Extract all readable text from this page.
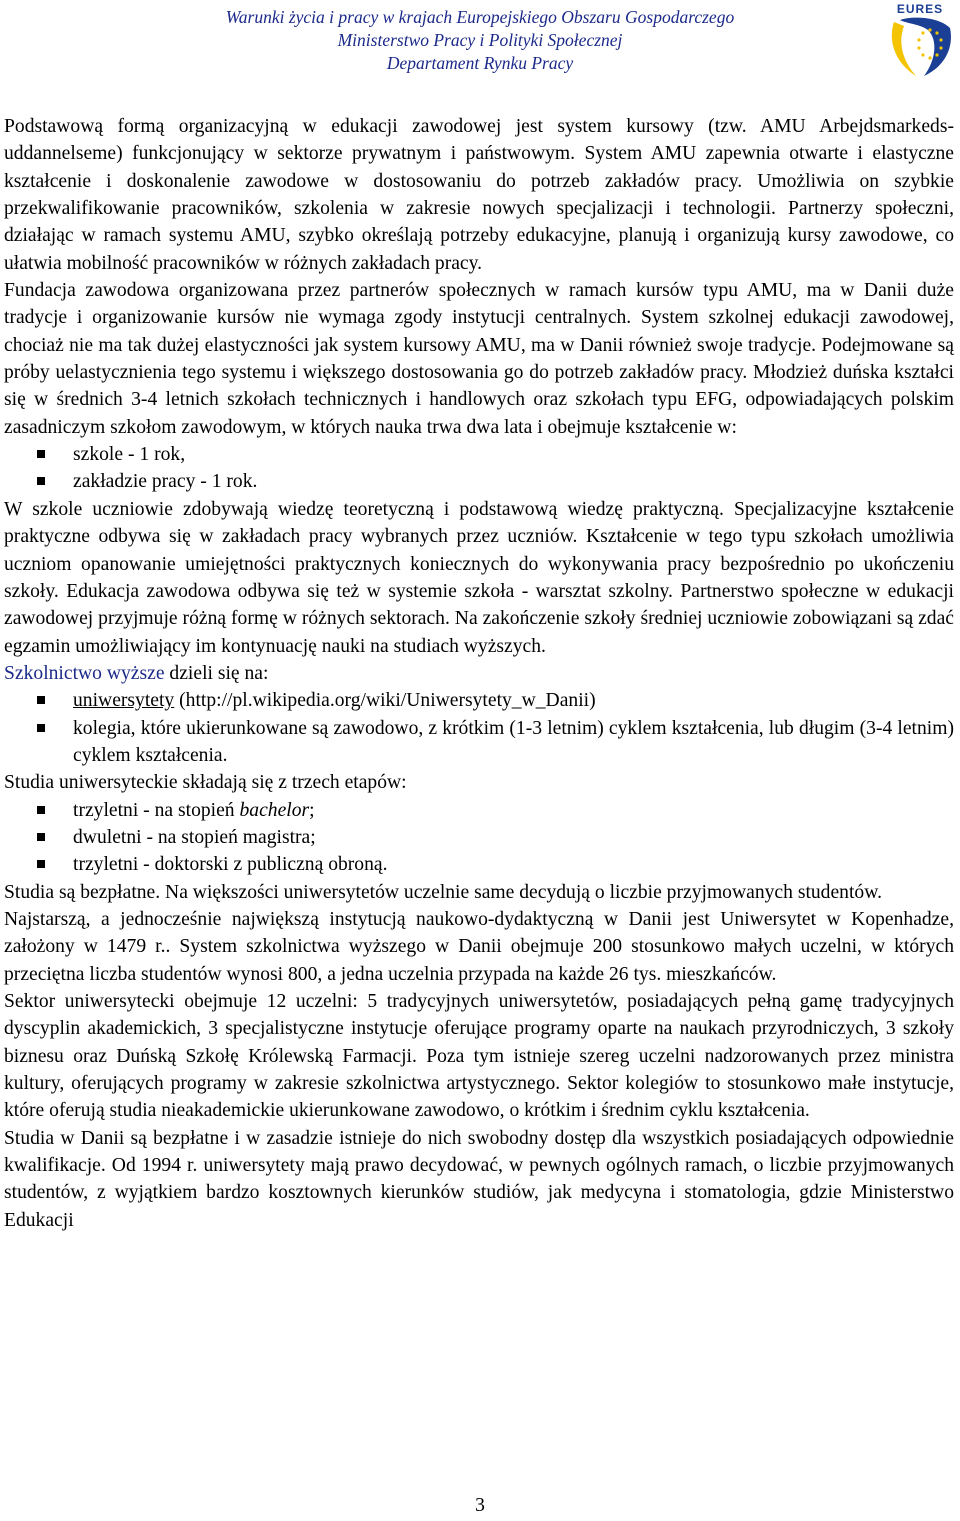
Warunki życia i pracy w krajach Europejskiego Obszaru Gospodarczego
Ministerstwo Pracy i Polityki Społecznej
Departament Rynku Pracy
EURES

Podstawową formą organizacyjną w edukacji zawodowej jest system kursowy (tzw. AMU Arbejdsmarkeds-uddannelseme) funkcjonujący w sektorze prywatnym i państwowym. System AMU zapewnia otwarte i elastyczne kształcenie i doskonalenie zawodowe w dostosowaniu do potrzeb zakładów pracy. Umożliwia on szybkie przekwalifikowanie pracowników, szkolenia w zakresie nowych specjalizacji i technologii. Partnerzy społeczni, działając w ramach systemu AMU, szybko określają potrzeby edukacyjne, planują i organizują kursy zawodowe, co ułatwia mobilność pracowników w różnych zakładach pracy.

Fundacja zawodowa organizowana przez partnerów społecznych w ramach kursów typu AMU, ma w Danii duże tradycje i organizowanie kursów nie wymaga zgody instytucji centralnych. System szkolnej edukacji zawodowej, chociaż nie ma tak dużej elastyczności jak system kursowy AMU, ma w Danii również swoje tradycje. Podejmowane są próby uelastycznienia tego systemu i większego dostosowania go do potrzeb zakładów pracy. Młodzież duńska kształci się w średnich 3-4 letnich szkołach technicznych i handlowych oraz szkołach typu EFG, odpowiadających polskim zasadniczym szkołom zawodowym, w których nauka trwa dwa lata i obejmuje kształcenie w:

szkole - 1 rok,
zakładzie pracy - 1 rok.

W szkole uczniowie zdobywają wiedzę teoretyczną i podstawową wiedzę praktyczną. Specjalizacyjne kształcenie praktyczne odbywa się w zakładach pracy wybranych przez uczniów. Kształcenie w tego typu szkołach umożliwia uczniom opanowanie umiejętności praktycznych koniecznych do wykonywania pracy bezpośrednio po ukończeniu szkoły. Edukacja zawodowa odbywa się też w systemie szkoła - warsztat szkolny. Partnerstwo społeczne w edukacji zawodowej przyjmuje różną formę w różnych sektorach. Na zakończenie szkoły średniej uczniowie zobowiązani są zdać egzamin umożliwiający im kontynuację nauki na studiach wyższych.

Szkolnictwo wyższe dzieli się na:

uniwersytety (http://pl.wikipedia.org/wiki/Uniwersytety_w_Danii)
kolegia, które ukierunkowane są zawodowo, z krótkim (1-3 letnim) cyklem kształcenia, lub długim (3-4 letnim) cyklem kształcenia.

Studia uniwersyteckie składają się z trzech etapów:

trzyletni - na stopień bachelor;
dwuletni - na stopień magistra;
trzyletni - doktorski z publiczną obroną.

Studia są bezpłatne. Na większości uniwersytetów uczelnie same decydują o liczbie przyjmowanych studentów.

Najstarszą, a jednocześnie największą instytucją naukowo-dydaktyczną w Danii jest Uniwersytet w Kopenhadze, założony w 1479 r.. System szkolnictwa wyższego w Danii obejmuje 200 stosunkowo małych uczelni, w których przeciętna liczba studentów wynosi 800, a jedna uczelnia przypada na każde 26 tys. mieszkańców.

Sektor uniwersytecki obejmuje 12 uczelni: 5 tradycyjnych uniwersytetów, posiadających pełną gamę tradycyjnych dyscyplin akademickich, 3 specjalistyczne instytucje oferujące programy oparte na naukach przyrodniczych, 3 szkoły biznesu oraz Duńską Szkołę Królewską Farmacji. Poza tym istnieje szereg uczelni nadzorowanych przez ministra kultury, oferujących programy w zakresie szkolnictwa artystycznego. Sektor kolegiów to stosunkowo małe instytucje, które oferują studia nieakademickie ukierunkowane zawodowo, o krótkim i średnim cyklu kształcenia.

Studia w Danii są bezpłatne i w zasadzie istnieje do nich swobodny dostęp dla wszystkich posiadających odpowiednie kwalifikacje. Od 1994 r. uniwersytety mają prawo decydować, w pewnych ogólnych ramach, o liczbie przyjmowanych studentów, z wyjątkiem bardzo kosztownych kierunków studiów, jak medycyna i stomatologia, gdzie Ministerstwo Edukacji

3
